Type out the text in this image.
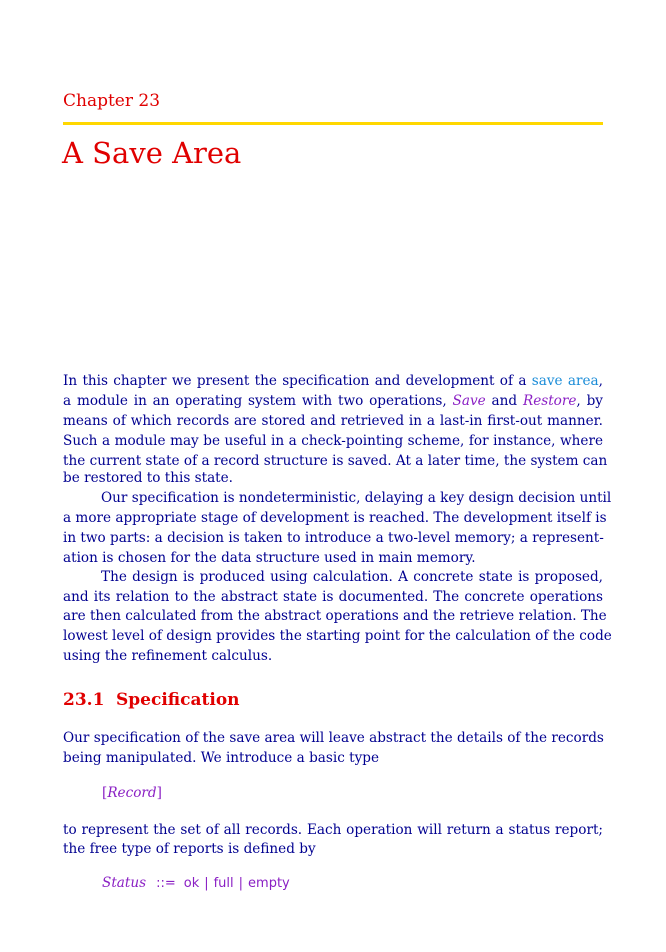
Chapter 23
A Save Area
In this chapter we present the specification and development of a save area,
a module in an operating system with two operations, Save and Restore, by
means of which records are stored and retrieved in a last-in first-out manner.
Such a module may be useful in a check-pointing scheme, for instance, where
the current state of a record structure is saved. At a later time, the system can
be restored to this state.
Our specification is nondeterministic, delaying a key design decision until
a more appropriate stage of development is reached. The development itself is
in two parts: a decision is taken to introduce a two-level memory; a represent-
ation is chosen for the data structure used in main memory.
The design is produced using calculation. A concrete state is proposed,
and its relation to the abstract state is documented. The concrete operations
are then calculated from the abstract operations and the retrieve relation. The
lowest level of design provides the starting point for the calculation of the code
using the refinement calculus.
23.1 Specification
Our specification of the save area will leave abstract the details of the records
being manipulated. We introduce a basic type
[Record]
to represent the set of all records. Each operation will return a status report;
the free type of reports is defined by
Status ::= ok | full | empty
